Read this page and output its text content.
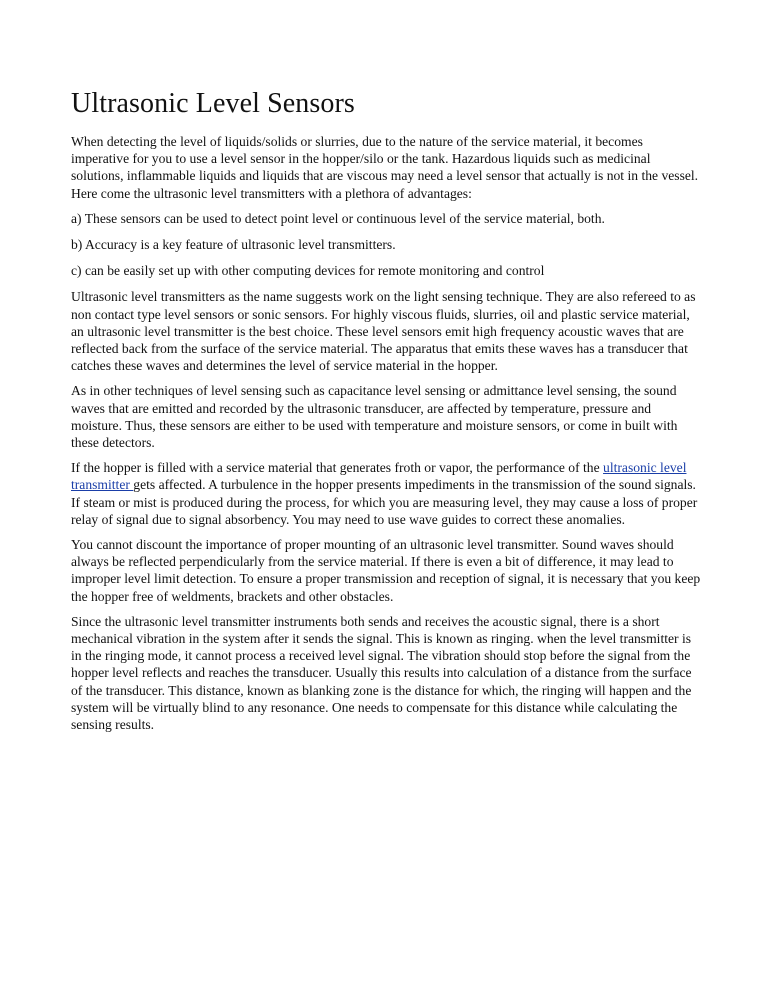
Ultrasonic Level Sensors

When detecting the level of liquids/solids or slurries, due to the nature of the service material, it becomes imperative for you to use a level sensor in the hopper/silo or the tank. Hazardous liquids such as medicinal solutions, inflammable liquids and liquids that are viscous may need a level sensor that actually is not in the vessel. Here come the ultrasonic level transmitters with a plethora of advantages:

a) These sensors can be used to detect point level or continuous level of the service material, both.

b) Accuracy is a key feature of ultrasonic level transmitters.

c) can be easily set up with other computing devices for remote monitoring and control

Ultrasonic level transmitters as the name suggests work on the light sensing technique. They are also refereed to as non contact type level sensors or sonic sensors. For highly viscous fluids, slurries, oil and plastic service material, an ultrasonic level transmitter is the best choice. These level sensors emit high frequency acoustic waves that are reflected back from the surface of the service material. The apparatus that emits these waves has a transducer that catches these waves and determines the level of service material in the hopper.

As in other techniques of level sensing such as capacitance level sensing or admittance level sensing, the sound waves that are emitted and recorded by the ultrasonic transducer, are affected by temperature, pressure and moisture. Thus, these sensors are either to be used with temperature and moisture sensors, or come in built with these detectors.

If the hopper is filled with a service material that generates froth or vapor, the performance of the ultrasonic level transmitter gets affected. A turbulence in the hopper presents impediments in the transmission of the sound signals. If steam or mist is produced during the process, for which you are measuring level, they may cause a loss of proper relay of signal due to signal absorbency. You may need to use wave guides to correct these anomalies.

You cannot discount the importance of proper mounting of an ultrasonic level transmitter. Sound waves should always be reflected perpendicularly from the service material. If there is even a bit of difference, it may lead to improper level limit detection. To ensure a proper transmission and reception of signal, it is necessary that you keep the hopper free of weldments, brackets and other obstacles.

Since the ultrasonic level transmitter instruments both sends and receives the acoustic signal, there is a short mechanical vibration in the system after it sends the signal. This is known as ringing. when the level transmitter is in the ringing mode, it cannot process a received level signal. The vibration should stop before the signal from the hopper level reflects and reaches the transducer. Usually this results into calculation of a distance from the surface of the transducer. This distance, known as blanking zone is the distance for which, the ringing will happen and the system will be virtually blind to any resonance. One needs to compensate for this distance while calculating the sensing results.
